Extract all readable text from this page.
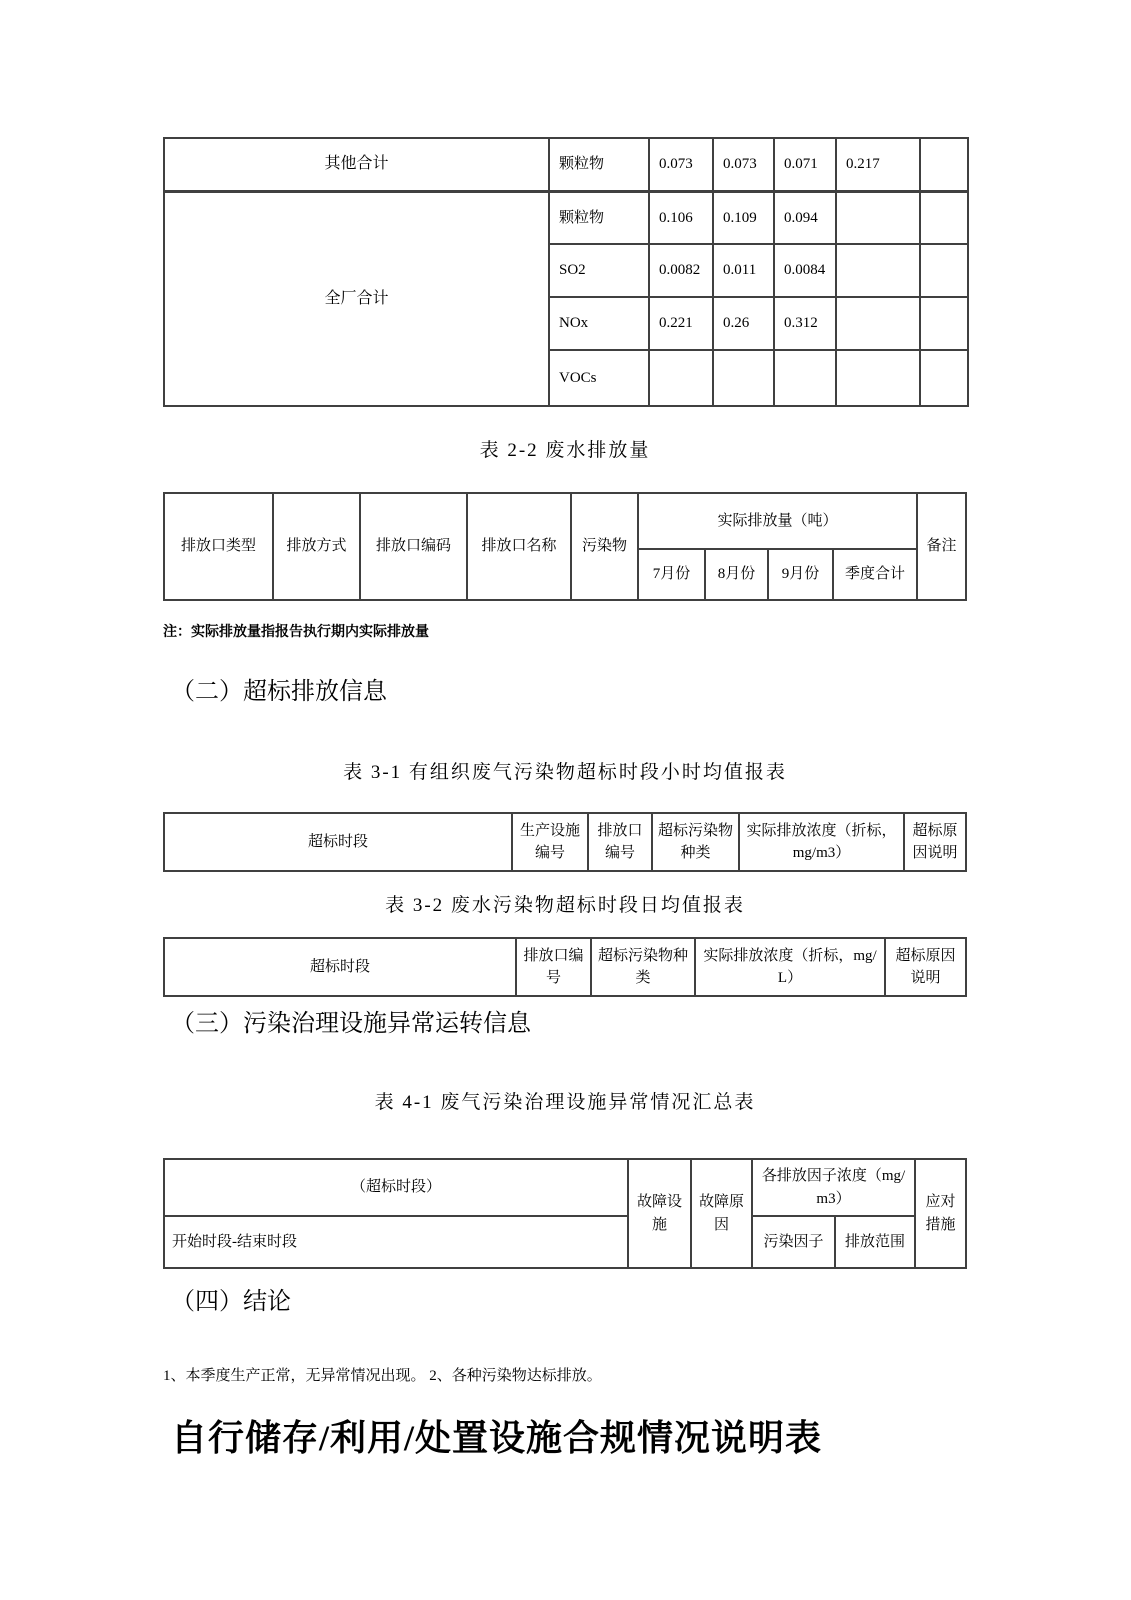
其他合计	颗粒物	0.073	0.073	0.071	0.217	
全厂合计	颗粒物	0.106	0.109	0.094		
	SO2	0.0082	0.011	0.0084		
	NOx	0.221	0.26	0.312		
	VOCs					
表 2-2 废水排放量
排放口类型	排放方式	排放口编码	排放口名称	污染物	实际排放量（吨）				备注
					7月份	8月份	9月份	季度合计	
注：实际排放量指报告执行期内实际排放量
（二）超标排放信息
表 3-1 有组织废气污染物超标时段小时均值报表
超标时段	生产设施编号	排放口编号	超标污染物种类	实际排放浓度（折标，mg/m3）	超标原因说明
表 3-2 废水污染物超标时段日均值报表
超标时段	排放口编号	超标污染物种类	实际排放浓度（折标，mg/L）	超标原因说明
（三）污染治理设施异常运转信息
表 4-1 废气污染治理设施异常情况汇总表
（超标时段）	故障设施	故障原因	各排放因子浓度（mg/m3）		应对措施
开始时段-结束时段			污染因子	排放范围	
（四）结论

1、本季度生产正常，无异常情况出现。 2、各种污染物达标排放。

自行储存/利用/处置设施合规情况说明表
